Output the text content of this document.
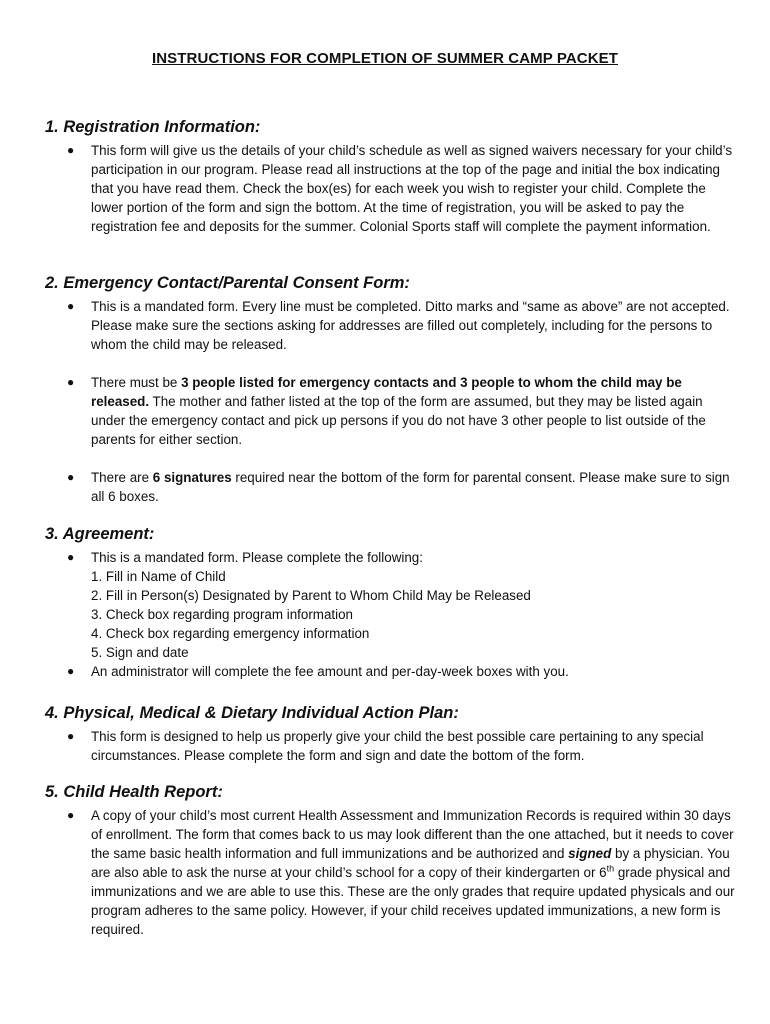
INSTRUCTIONS FOR COMPLETION OF SUMMER CAMP PACKET
1. Registration Information:
● This form will give us the details of your child’s schedule as well as signed waivers necessary for your child’s participation in our program. Please read all instructions at the top of the page and initial the box indicating that you have read them. Check the box(es) for each week you wish to register your child. Complete the lower portion of the form and sign the bottom. At the time of registration, you will be asked to pay the registration fee and deposits for the summer. Colonial Sports staff will complete the payment information.
2. Emergency Contact/Parental Consent Form:
● This is a mandated form. Every line must be completed. Ditto marks and “same as above” are not accepted. Please make sure the sections asking for addresses are filled out completely, including for the persons to whom the child may be released.
● There must be 3 people listed for emergency contacts and 3 people to whom the child may be released. The mother and father listed at the top of the form are assumed, but they may be listed again under the emergency contact and pick up persons if you do not have 3 other people to list outside of the parents for either section.
● There are 6 signatures required near the bottom of the form for parental consent. Please make sure to sign all 6 boxes.
3. Agreement:
● This is a mandated form. Please complete the following:
1. Fill in Name of Child
2. Fill in Person(s) Designated by Parent to Whom Child May be Released
3. Check box regarding program information
4. Check box regarding emergency information
5. Sign and date
● An administrator will complete the fee amount and per-day-week boxes with you.
4. Physical, Medical & Dietary Individual Action Plan:
● This form is designed to help us properly give your child the best possible care pertaining to any special circumstances. Please complete the form and sign and date the bottom of the form.
5. Child Health Report:
● A copy of your child’s most current Health Assessment and Immunization Records is required within 30 days of enrollment. The form that comes back to us may look different than the one attached, but it needs to cover the same basic health information and full immunizations and be authorized and signed by a physician. You are also able to ask the nurse at your child’s school for a copy of their kindergarten or 6th grade physical and immunizations and we are able to use this. These are the only grades that require updated physicals and our program adheres to the same policy. However, if your child receives updated immunizations, a new form is required.
